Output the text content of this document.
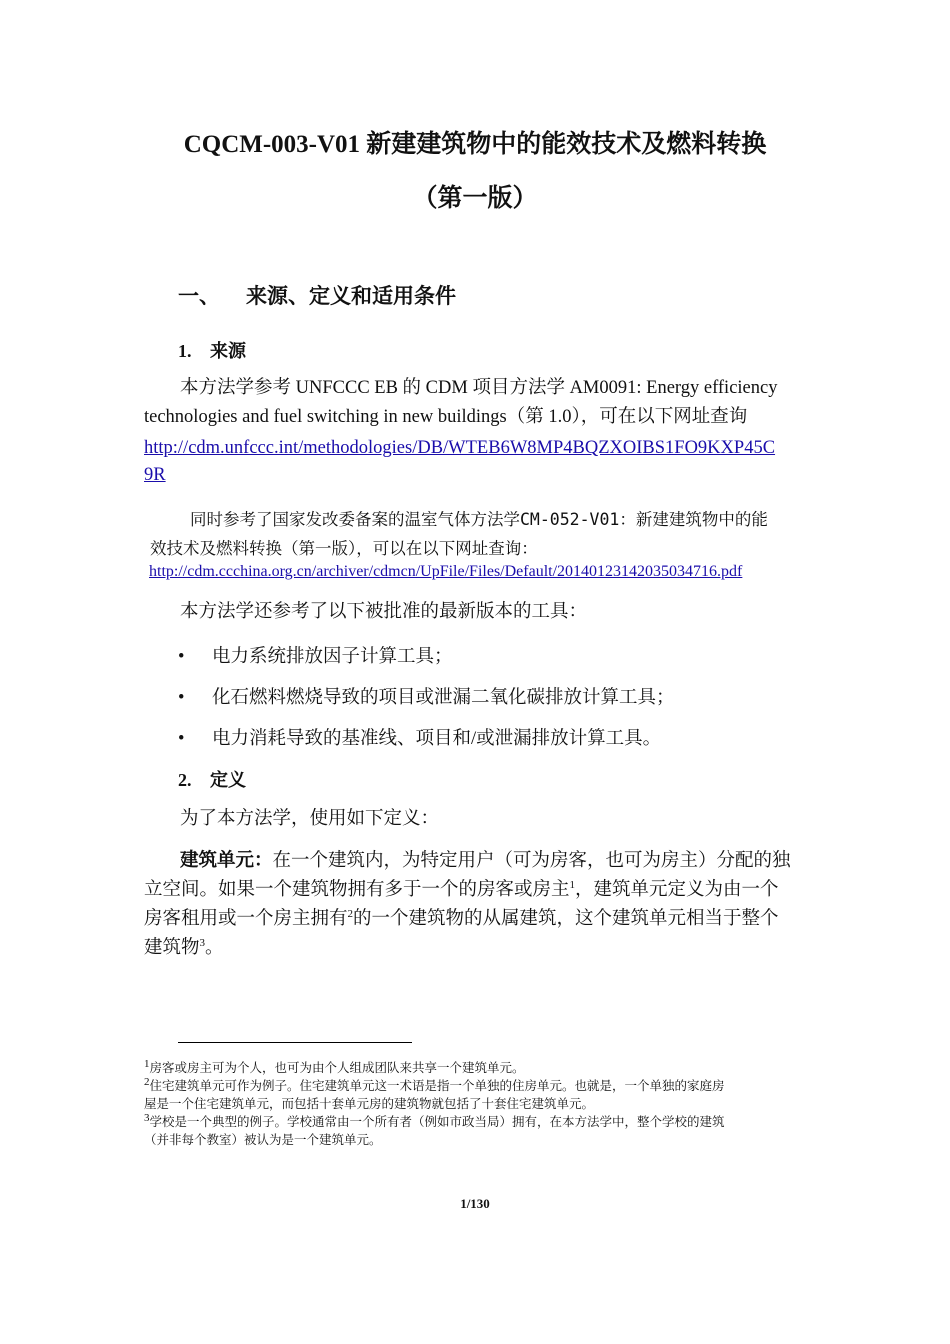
CQCM-003-V01 新建建筑物中的能效技术及燃料转换
（第一版）
一、 来源、定义和适用条件
1. 来源
本方法学参考 UNFCCC EB 的 CDM 项目方法学 AM0091: Energy efficiency
technologies and fuel switching in new buildings（第 1.0），可在以下网址查询
http://cdm.unfccc.int/methodologies/DB/WTEB6W8MP4BQZXOIBS1FO9KXP45C
9R
同时参考了国家发改委备案的温室气体方法学CM-052-V01：新建建筑物中的能
效技术及燃料转换（第一版），可以在以下网址查询：
http://cdm.ccchina.org.cn/archiver/cdmcn/UpFile/Files/Default/20140123142035034716.pdf
本方法学还参考了以下被批准的最新版本的工具：
• 电力系统排放因子计算工具；
• 化石燃料燃烧导致的项目或泄漏二氧化碳排放计算工具；
• 电力消耗导致的基准线、项目和/或泄漏排放计算工具。
2. 定义
为了本方法学，使用如下定义：
建筑单元：在一个建筑内，为特定用户（可为房客，也可为房主）分配的独
立空间。如果一个建筑物拥有多于一个的房客或房主$^1$，建筑单元定义为由一个
房客租用或一个房主拥有$^2$的一个建筑物的从属建筑，这个建筑单元相当于整个
建筑物$^3$。
$^1$房客或房主可为个人，也可为由个人组成团队来共享一个建筑单元。
$^2$住宅建筑单元可作为例子。住宅建筑单元这一术语是指一个单独的住房单元。也就是，一个单独的家庭房
屋是一个住宅建筑单元，而包括十套单元房的建筑物就包括了十套住宅建筑单元。
$^3$学校是一个典型的例子。学校通常由一个所有者（例如市政当局）拥有，在本方法学中，整个学校的建筑
（并非每个教室）被认为是一个建筑单元。
1/130
